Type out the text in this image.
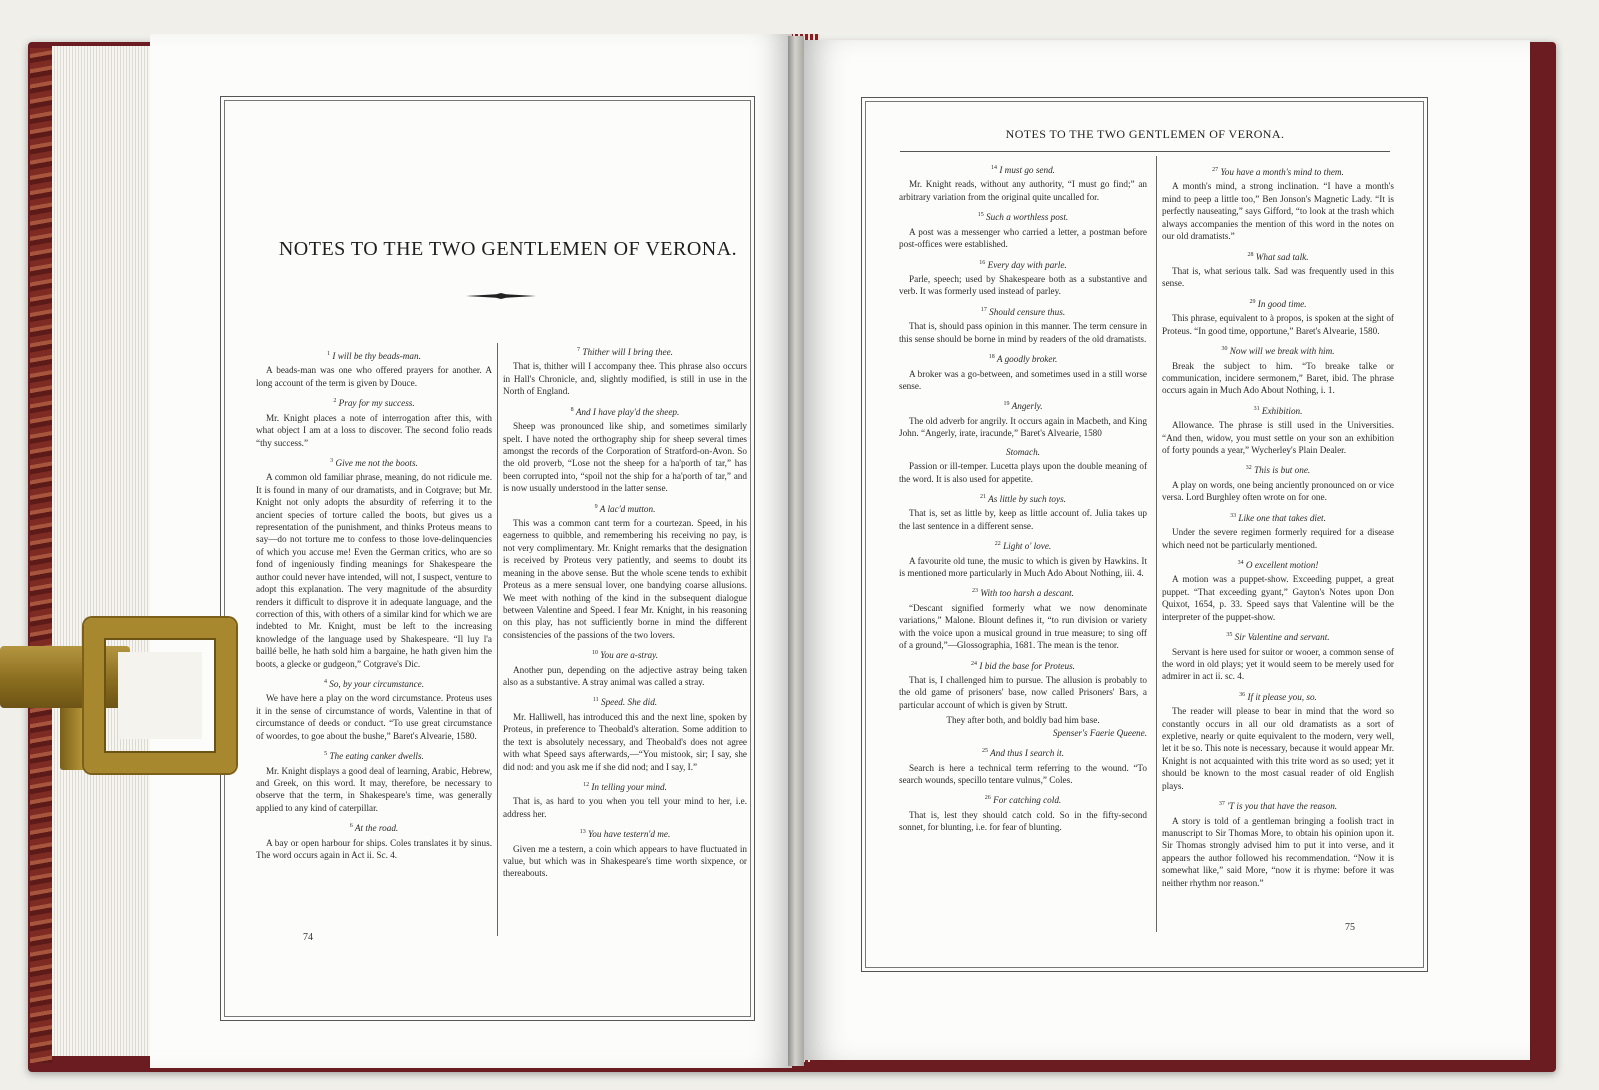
NOTES TO THE TWO GENTLEMEN OF VERONA.
$^1$ I will be thy beads-man.

A beads-man was one who offered prayers for another. A long account of the term is given by Douce.

$^2$ Pray for my success.

Mr. Knight places a note of interrogation after this, with what object I am at a loss to discover. The second folio reads “thy success.”

$^3$ Give me not the boots.

A common old familiar phrase, meaning, do not ridicule me. It is found in many of our dramatists, and in Cotgrave; but Mr. Knight not only adopts the absurdity of referring it to the ancient species of torture called the boots, but gives us a representation of the punishment, and thinks Proteus means to say—do not torture me to confess to those love-delinquencies of which you accuse me! Even the German critics, who are so fond of ingeniously finding meanings for Shakespeare the author could never have intended, will not, I suspect, venture to adopt this explanation. The very magnitude of the absurdity renders it difficult to disprove it in adequate language, and the correction of this, with others of a similar kind for which we are indebted to Mr. Knight, must be left to the increasing knowledge of the language used by Shakespeare. “Il luy l'a baillé belle, he hath sold him a bargaine, he hath given him the boots, a glecke or gudgeon,” Cotgrave's Dic.

$^4$ So, by your circumstance.

We have here a play on the word circumstance. Proteus uses it in the sense of circumstance of words, Valentine in that of circumstance of deeds or conduct. “To use great circumstance of woordes, to goe about the bushe,” Baret's Alvearie, 1580.

$^5$ The eating canker dwells.

Mr. Knight displays a good deal of learning, Arabic, Hebrew, and Greek, on this word. It may, therefore, be necessary to observe that the term, in Shakespeare's time, was generally applied to any kind of caterpillar.

$^6$ At the road.

A bay or open harbour for ships. Coles translates it by sinus. The word occurs again in Act ii. Sc. 4.

$^7$ Thither will I bring thee.

That is, thither will I accompany thee. This phrase also occurs in Hall's Chronicle, and, slightly modified, is still in use in the North of England.

$^8$ And I have play'd the sheep.

Sheep was pronounced like ship, and sometimes similarly spelt. I have noted the orthography ship for sheep several times amongst the records of the Corporation of Stratford-on-Avon. So the old proverb, “Lose not the sheep for a ha'porth of tar,” has been corrupted into, “spoil not the ship for a ha'porth of tar,” and is now usually understood in the latter sense.

$^9$ A lac'd mutton.

This was a common cant term for a courtezan. Speed, in his eagerness to quibble, and remembering his receiving no pay, is not very complimentary. Mr. Knight remarks that the designation is received by Proteus very patiently, and seems to doubt its meaning in the above sense. But the whole scene tends to exhibit Proteus as a mere sensual lover, one bandying coarse allusions. We meet with nothing of the kind in the subsequent dialogue between Valentine and Speed. I fear Mr. Knight, in his reasoning on this play, has not sufficiently borne in mind the different consistencies of the passions of the two lovers.

$^{10}$ You are a-stray.

Another pun, depending on the adjective astray being taken also as a substantive. A stray animal was called a stray.

$^{11}$ Speed. She did.

Mr. Halliwell, has introduced this and the next line, spoken by Proteus, in preference to Theobald's alteration. Some addition to the text is absolutely necessary, and Theobald's does not agree with what Speed says afterwards,—“You mistook, sir; I say, she did nod: and you ask me if she did nod; and I say, I.”

$^{12}$ In telling your mind.

That is, as hard to you when you tell your mind to her, i.e. address her.

$^{13}$ You have testern'd me.

Given me a testern, a coin which appears to have fluctuated in value, but which was in Shakespeare's time worth sixpence, or thereabouts.

74
NOTES TO THE TWO GENTLEMEN OF VERONA.
$^{14}$ I must go send.

Mr. Knight reads, without any authority, “I must go find;” an arbitrary variation from the original quite uncalled for.

$^{15}$ Such a worthless post.

A post was a messenger who carried a letter, a postman before post-offices were established.

$^{16}$ Every day with parle.

Parle, speech; used by Shakespeare both as a substantive and verb. It was formerly used instead of parley.

$^{17}$ Should censure thus.

That is, should pass opinion in this manner. The term censure in this sense should be borne in mind by readers of the old dramatists.

$^{18}$ A goodly broker.

A broker was a go-between, and sometimes used in a still worse sense.

$^{19}$ Angerly.

The old adverb for angrily. It occurs again in Macbeth, and King John. “Angerly, irate, iracunde,” Baret's Alvearie, 1580

Stomach.

Passion or ill-temper. Lucetta plays upon the double meaning of the word. It is also used for appetite.

$^{21}$ As little by such toys.

That is, set as little by, keep as little account of. Julia takes up the last sentence in a different sense.

$^{22}$ Light o' love.

A favourite old tune, the music to which is given by Hawkins. It is mentioned more particularly in Much Ado About Nothing, iii. 4.

$^{23}$ With too harsh a descant.

“Descant signified formerly what we now denominate variations,” Malone. Blount defines it, “to run division or variety with the voice upon a musical ground in true measure; to sing off of a ground,”—Glossographia, 1681. The mean is the tenor.

$^{24}$ I bid the base for Proteus.

That is, I challenged him to pursue. The allusion is probably to the old game of prisoners' base, now called Prisoners' Bars, a particular account of which is given by Strutt.

They after both, and boldly bad him base.

Spenser's Faerie Queene.

$^{25}$ And thus I search it.

Search is here a technical term referring to the wound. “To search wounds, specillo tentare vulnus,” Coles.

$^{26}$ For catching cold.

That is, lest they should catch cold. So in the fifty-second sonnet, for blunting, i.e. for fear of blunting.

$^{27}$ You have a month's mind to them.

A month's mind, a strong inclination. “I have a month's mind to peep a little too,” Ben Jonson's Magnetic Lady. “It is perfectly nauseating,” says Gifford, “to look at the trash which always accompanies the mention of this word in the notes on our old dramatists.”

$^{28}$ What sad talk.

That is, what serious talk. Sad was frequently used in this sense.

$^{29}$ In good time.

This phrase, equivalent to à propos, is spoken at the sight of Proteus. “In good time, opportune,” Baret's Alvearie, 1580.

$^{30}$ Now will we break with him.

Break the subject to him. “To breake talke or communication, incidere sermonem,” Baret, ibid. The phrase occurs again in Much Ado About Nothing, i. 1.

$^{31}$ Exhibition.

Allowance. The phrase is still used in the Universities. “And then, widow, you must settle on your son an exhibition of forty pounds a year,” Wycherley's Plain Dealer.

$^{32}$ This is but one.

A play on words, one being anciently pronounced on or vice versa. Lord Burghley often wrote on for one.

$^{33}$ Like one that takes diet.

Under the severe regimen formerly required for a disease which need not be particularly mentioned.

$^{34}$ O excellent motion!

A motion was a puppet-show. Exceeding puppet, a great puppet. “That exceeding gyant,” Gayton's Notes upon Don Quixot, 1654, p. 33. Speed says that Valentine will be the interpreter of the puppet-show.

$^{35}$ Sir Valentine and servant.

Servant is here used for suitor or wooer, a common sense of the word in old plays; yet it would seem to be merely used for admirer in act ii. sc. 4.

$^{36}$ If it please you, so.

The reader will please to bear in mind that the word so constantly occurs in all our old dramatists as a sort of expletive, nearly or quite equivalent to the modern, very well, let it be so. This note is necessary, because it would appear Mr. Knight is not acquainted with this trite word as so used; yet it should be known to the most casual reader of old English plays.

$^{37}$ 'T is you that have the reason.

A story is told of a gentleman bringing a foolish tract in manuscript to Sir Thomas More, to obtain his opinion upon it. Sir Thomas strongly advised him to put it into verse, and it appears the author followed his recommendation. “Now it is somewhat like,” said More, “now it is rhyme: before it was neither rhythm nor reason.”

75
